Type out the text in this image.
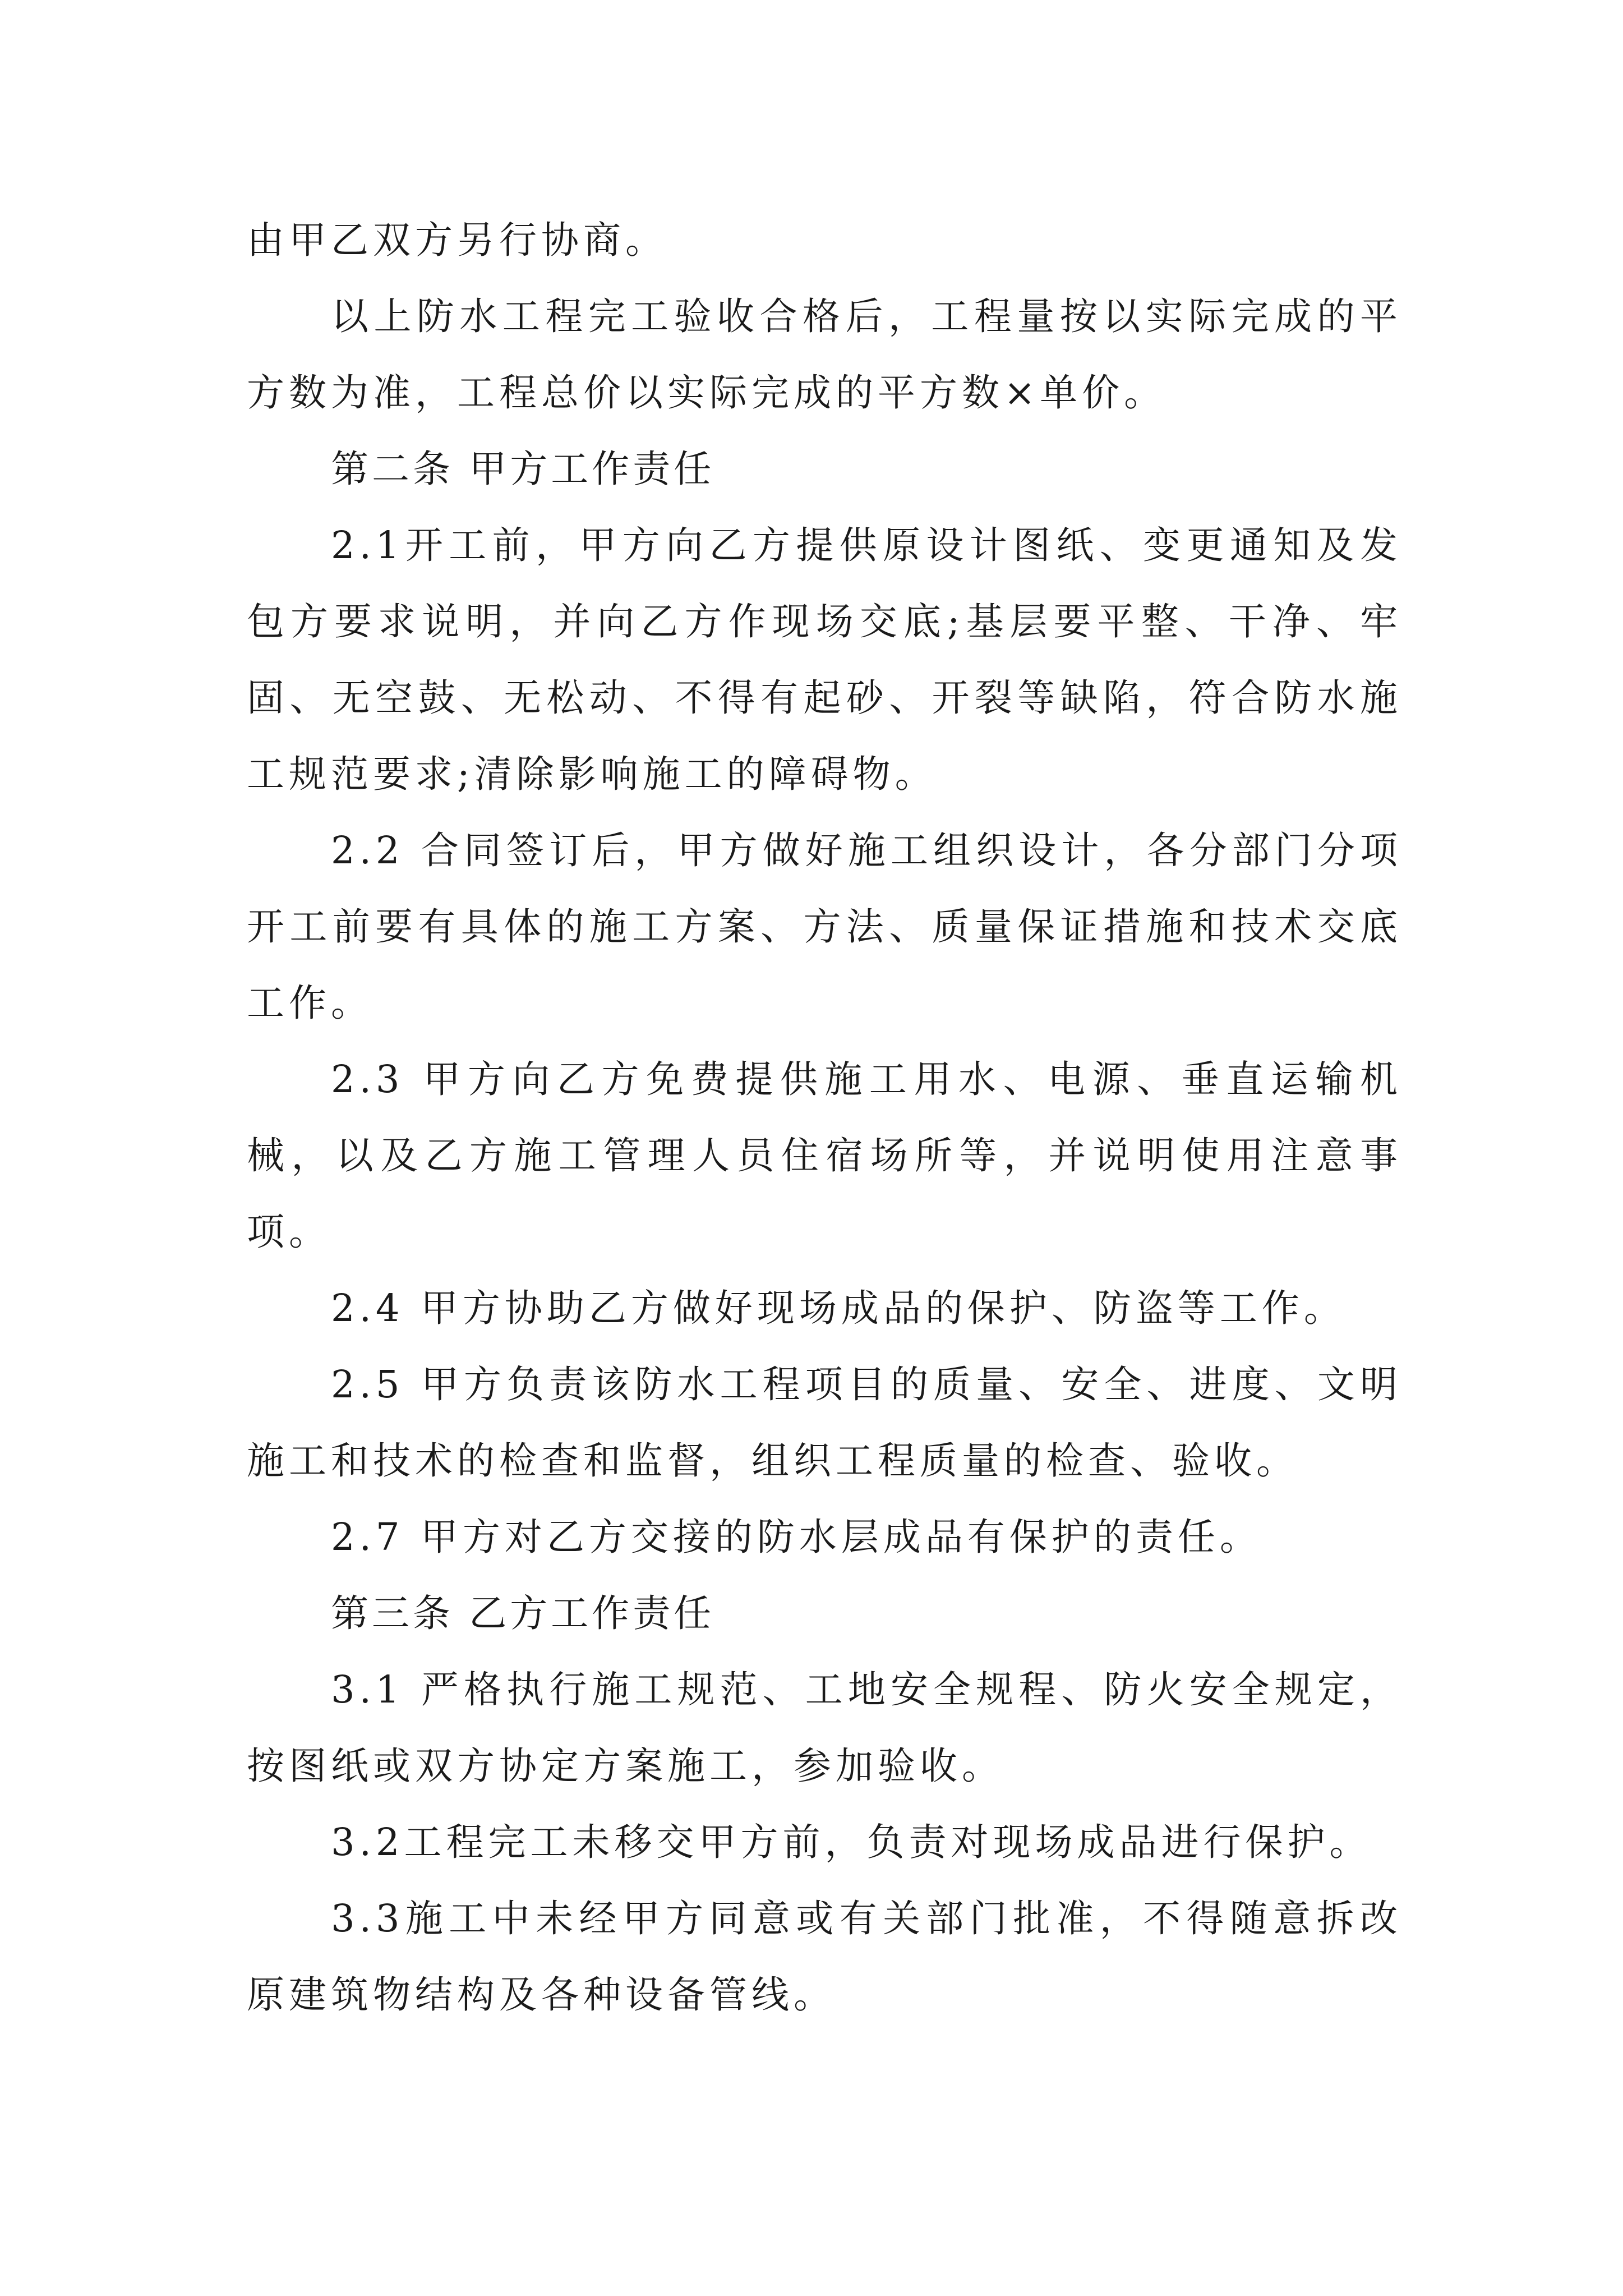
由甲乙双方另行协商。

以上防水工程完工验收合格后，工程量按以实际完成的平方数为准，工程总价以实际完成的平方数×单价。

第二条 甲方工作责任

2.1开工前，甲方向乙方提供原设计图纸、变更通知及发包方要求说明，并向乙方作现场交底;基层要平整、干净、牢固、无空鼓、无松动、不得有起砂、开裂等缺陷，符合防水施工规范要求;清除影响施工的障碍物。

2.2 合同签订后，甲方做好施工组织设计，各分部门分项开工前要有具体的施工方案、方法、质量保证措施和技术交底工作。

2.3 甲方向乙方免费提供施工用水、电源、垂直运输机械，以及乙方施工管理人员住宿场所等，并说明使用注意事项。

2.4 甲方协助乙方做好现场成品的保护、防盗等工作。

2.5 甲方负责该防水工程项目的质量、安全、进度、文明施工和技术的检查和监督，组织工程质量的检查、验收。

2.7 甲方对乙方交接的防水层成品有保护的责任。

第三条 乙方工作责任

3.1 严格执行施工规范、工地安全规程、防火安全规定，按图纸或双方协定方案施工，参加验收。

3.2工程完工未移交甲方前，负责对现场成品进行保护。

3.3施工中未经甲方同意或有关部门批准，不得随意拆改原建筑物结构及各种设备管线。
